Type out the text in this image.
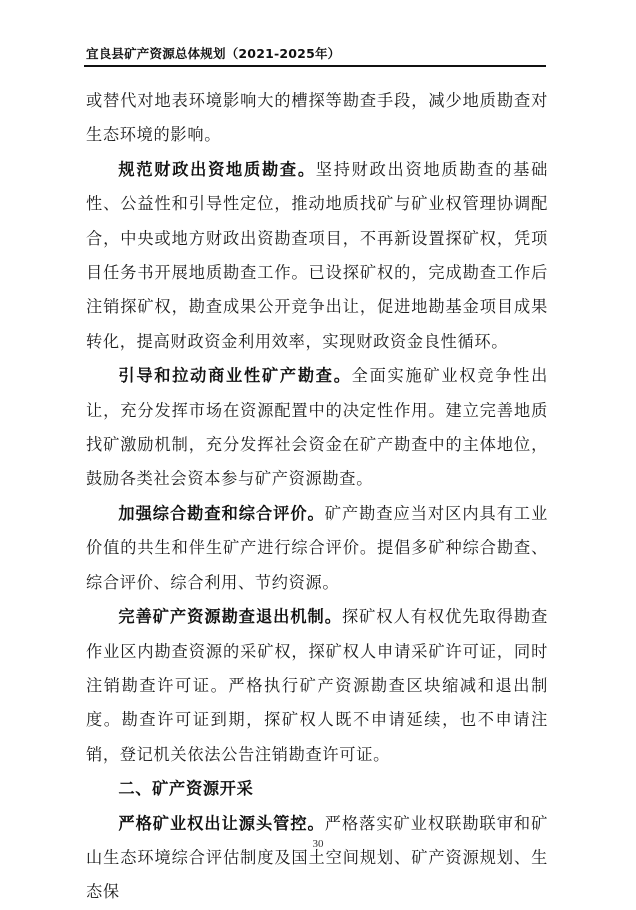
宜良县矿产资源总体规划（2021-2025年）

或替代对地表环境影响大的槽探等勘查手段，减少地质勘查对生态环境的影响。

规范财政出资地质勘查。坚持财政出资地质勘查的基础性、公益性和引导性定位，推动地质找矿与矿业权管理协调配合，中央或地方财政出资勘查项目，不再新设置探矿权，凭项目任务书开展地质勘查工作。已设探矿权的，完成勘查工作后注销探矿权，勘查成果公开竞争出让，促进地勘基金项目成果转化，提高财政资金利用效率，实现财政资金良性循环。

引导和拉动商业性矿产勘查。全面实施矿业权竞争性出让，充分发挥市场在资源配置中的决定性作用。建立完善地质找矿激励机制，充分发挥社会资金在矿产勘查中的主体地位，鼓励各类社会资本参与矿产资源勘查。

加强综合勘查和综合评价。矿产勘查应当对区内具有工业价值的共生和伴生矿产进行综合评价。提倡多矿种综合勘查、综合评价、综合利用、节约资源。

完善矿产资源勘查退出机制。探矿权人有权优先取得勘查作业区内勘查资源的采矿权，探矿权人申请采矿许可证，同时注销勘查许可证。严格执行矿产资源勘查区块缩减和退出制度。勘查许可证到期，探矿权人既不申请延续，也不申请注销，登记机关依法公告注销勘查许可证。

二、矿产资源开采

严格矿业权出让源头管控。严格落实矿业权联勘联审和矿山生态环境综合评估制度及国土空间规划、矿产资源规划、生态保

30
